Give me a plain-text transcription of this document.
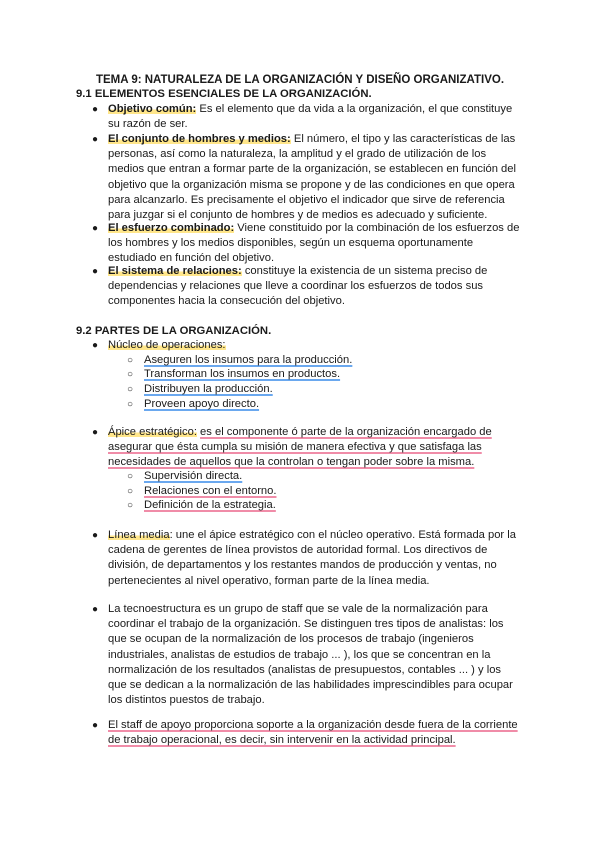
TEMA 9: NATURALEZA DE LA ORGANIZACIÓN Y DISEÑO ORGANIZATIVO.
9.1 ELEMENTOS ESENCIALES DE LA ORGANIZACIÓN.
● Objetivo común: Es el elemento que da vida a la organización, el que constituye su razón de ser.
● El conjunto de hombres y medios: El número, el tipo y las características de las personas, así como la naturaleza, la amplitud y el grado de utilización de los medios que entran a formar parte de la organización, se establecen en función del objetivo que la organización misma se propone y de las condiciones en que opera para alcanzarlo. Es precisamente el objetivo el indicador que sirve de referencia para juzgar si el conjunto de hombres y de medios es adecuado y suficiente.
● El esfuerzo combinado: Viene constituido por la combinación de los esfuerzos de los hombres y los medios disponibles, según un esquema oportunamente estudiado en función del objetivo.
● El sistema de relaciones: constituye la existencia de un sistema preciso de dependencias y relaciones que lleve a coordinar los esfuerzos de todos sus componentes hacia la consecución del objetivo.
9.2 PARTES DE LA ORGANIZACIÓN.
● Núcleo de operaciones:
○ Aseguren los insumos para la producción.
○ Transforman los insumos en productos.
○ Distribuyen la producción.
○ Proveen apoyo directo.
● Ápice estratégico: es el componente ó parte de la organización encargado de asegurar que ésta cumpla su misión de manera efectiva y que satisfaga las necesidades de aquellos que la controlan o tengan poder sobre la misma.
○ Supervisión directa.
○ Relaciones con el entorno.
○ Definición de la estrategia.
● Línea media: une el ápice estratégico con el núcleo operativo. Está formada por la cadena de gerentes de línea provistos de autoridad formal. Los directivos de división, de departamentos y los restantes mandos de producción y ventas, no pertenecientes al nivel operativo, forman parte de la línea media.
● La tecnoestructura es un grupo de staff que se vale de la normalización para coordinar el trabajo de la organización. Se distinguen tres tipos de analistas: los que se ocupan de la normalización de los procesos de trabajo (ingenieros industriales, analistas de estudios de trabajo ... ), los que se concentran en la normalización de los resultados (analistas de presupuestos, contables ... ) y los que se dedican a la normalización de las habilidades imprescindibles para ocupar los distintos puestos de trabajo.
● El staff de apoyo proporciona soporte a la organización desde fuera de la corriente de trabajo operacional, es decir, sin intervenir en la actividad principal.
